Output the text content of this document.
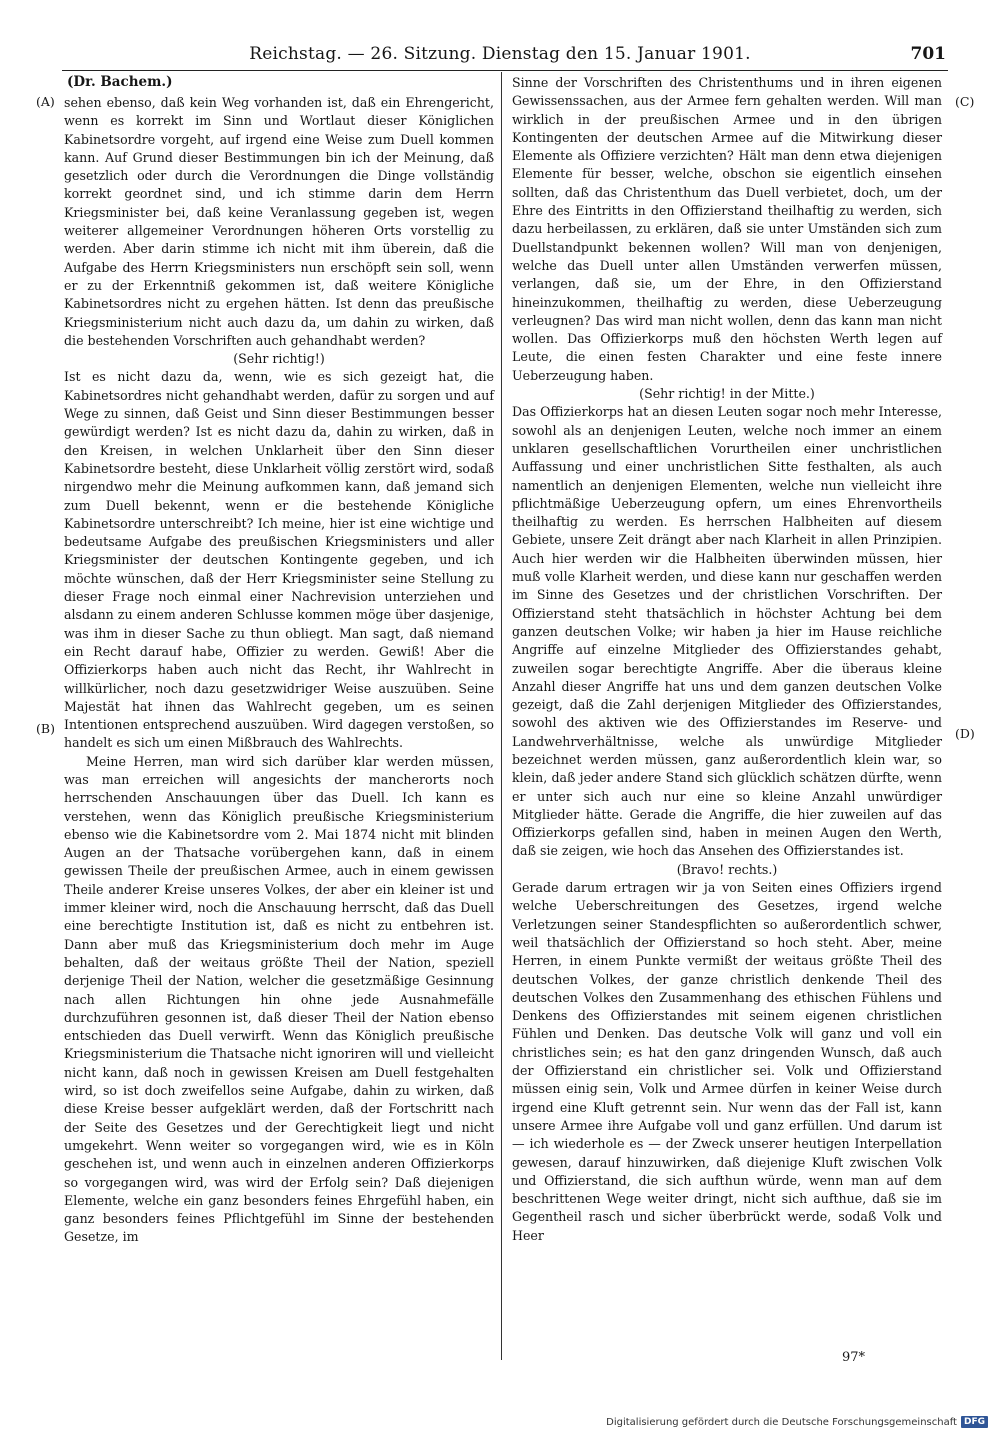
Reichstag. — 26. Sitzung. Dienstag den 15. Januar 1901.	701
(Dr. Bachem.)
(A)
(B)
(C)
(D)

sehen ebenso, daß kein Weg vorhanden ist, daß ein Ehrengericht, wenn es korrekt im Sinn und Wortlaut dieser Königlichen Kabinetsordre vorgeht, auf irgend eine Weise zum Duell kommen kann. Auf Grund dieser Bestimmungen bin ich der Meinung, daß gesetzlich oder durch die Verordnungen die Dinge vollständig korrekt geordnet sind, und ich stimme darin dem Herrn Kriegsminister bei, daß keine Veranlassung gegeben ist, wegen weiterer allgemeiner Verordnungen höheren Orts vorstellig zu werden. Aber darin stimme ich nicht mit ihm überein, daß die Aufgabe des Herrn Kriegsministers nun erschöpft sein soll, wenn er zu der Erkenntniß gekommen ist, daß weitere Königliche Kabinetsordres nicht zu ergehen hätten. Ist denn das preußische Kriegsministerium nicht auch dazu da, um dahin zu wirken, daß die bestehenden Vorschriften auch gehandhabt werden?

(Sehr richtig!)

Ist es nicht dazu da, wenn, wie es sich gezeigt hat, die Kabinetsordres nicht gehandhabt werden, dafür zu sorgen und auf Wege zu sinnen, daß Geist und Sinn dieser Bestimmungen besser gewürdigt werden? Ist es nicht dazu da, dahin zu wirken, daß in den Kreisen, in welchen Unklarheit über den Sinn dieser Kabinetsordre besteht, diese Unklarheit völlig zerstört wird, sodaß nirgendwo mehr die Meinung aufkommen kann, daß jemand sich zum Duell bekennt, wenn er die bestehende Königliche Kabinetsordre unterschreibt? Ich meine, hier ist eine wichtige und bedeutsame Aufgabe des preußischen Kriegsministers und aller Kriegsminister der deutschen Kontingente gegeben, und ich möchte wünschen, daß der Herr Kriegsminister seine Stellung zu dieser Frage noch einmal einer Nachrevision unterziehen und alsdann zu einem anderen Schlusse kommen möge über dasjenige, was ihm in dieser Sache zu thun obliegt. Man sagt, daß niemand ein Recht darauf habe, Offizier zu werden. Gewiß! Aber die Offizierkorps haben auch nicht das Recht, ihr Wahlrecht in willkürlicher, noch dazu gesetzwidriger Weise auszuüben. Seine Majestät hat ihnen das Wahlrecht gegeben, um es seinen Intentionen entsprechend auszuüben. Wird dagegen verstoßen, so handelt es sich um einen Mißbrauch des Wahlrechts.

Meine Herren, man wird sich darüber klar werden müssen, was man erreichen will angesichts der mancherorts noch herrschenden Anschauungen über das Duell. Ich kann es verstehen, wenn das Königlich preußische Kriegsministerium ebenso wie die Kabinetsordre vom 2. Mai 1874 nicht mit blinden Augen an der Thatsache vorübergehen kann, daß in einem gewissen Theile der preußischen Armee, auch in einem gewissen Theile anderer Kreise unseres Volkes, der aber ein kleiner ist und immer kleiner wird, noch die Anschauung herrscht, daß das Duell eine berechtigte Institution ist, daß es nicht zu entbehren ist. Dann aber muß das Kriegsministerium doch mehr im Auge behalten, daß der weitaus größte Theil der Nation, speziell derjenige Theil der Nation, welcher die gesetzmäßige Gesinnung nach allen Richtungen hin ohne jede Ausnahmefälle durchzuführen gesonnen ist, daß dieser Theil der Nation ebenso entschieden das Duell verwirft. Wenn das Königlich preußische Kriegsministerium die Thatsache nicht ignoriren will und vielleicht nicht kann, daß noch in gewissen Kreisen am Duell festgehalten wird, so ist doch zweifellos seine Aufgabe, dahin zu wirken, daß diese Kreise besser aufgeklärt werden, daß der Fortschritt nach der Seite des Gesetzes und der Gerechtigkeit liegt und nicht umgekehrt. Wenn weiter so vorgegangen wird, wie es in Köln geschehen ist, und wenn auch in einzelnen anderen Offizierkorps so vorgegangen wird, was wird der Erfolg sein? Daß diejenigen Elemente, welche ein ganz besonders feines Ehrgefühl haben, ein ganz besonders feines Pflichtgefühl im Sinne der bestehenden Gesetze, im

Sinne der Vorschriften des Christenthums und in ihren eigenen Gewissenssachen, aus der Armee fern gehalten werden. Will man wirklich in der preußischen Armee und in den übrigen Kontingenten der deutschen Armee auf die Mitwirkung dieser Elemente als Offiziere verzichten? Hält man denn etwa diejenigen Elemente für besser, welche, obschon sie eigentlich einsehen sollten, daß das Christenthum das Duell verbietet, doch, um der Ehre des Eintritts in den Offizierstand theilhaftig zu werden, sich dazu herbeilassen, zu erklären, daß sie unter Umständen sich zum Duellstandpunkt bekennen wollen? Will man von denjenigen, welche das Duell unter allen Umständen verwerfen müssen, verlangen, daß sie, um der Ehre, in den Offizierstand hineinzukommen, theilhaftig zu werden, diese Ueberzeugung verleugnen? Das wird man nicht wollen, denn das kann man nicht wollen. Das Offizierkorps muß den höchsten Werth legen auf Leute, die einen festen Charakter und eine feste innere Ueberzeugung haben.

(Sehr richtig! in der Mitte.)

Das Offizierkorps hat an diesen Leuten sogar noch mehr Interesse, sowohl als an denjenigen Leuten, welche noch immer an einem unklaren gesellschaftlichen Vorurtheilen einer unchristlichen Auffassung und einer unchristlichen Sitte festhalten, als auch namentlich an denjenigen Elementen, welche nun vielleicht ihre pflichtmäßige Ueberzeugung opfern, um eines Ehrenvortheils theilhaftig zu werden. Es herrschen Halbheiten auf diesem Gebiete, unsere Zeit drängt aber nach Klarheit in allen Prinzipien. Auch hier werden wir die Halbheiten überwinden müssen, hier muß volle Klarheit werden, und diese kann nur geschaffen werden im Sinne des Gesetzes und der christlichen Vorschriften. Der Offizierstand steht thatsächlich in höchster Achtung bei dem ganzen deutschen Volke; wir haben ja hier im Hause reichliche Angriffe auf einzelne Mitglieder des Offizierstandes gehabt, zuweilen sogar berechtigte Angriffe. Aber die überaus kleine Anzahl dieser Angriffe hat uns und dem ganzen deutschen Volke gezeigt, daß die Zahl derjenigen Mitglieder des Offizierstandes, sowohl des aktiven wie des Offizierstandes im Reserve- und Landwehrverhältnisse, welche als unwürdige Mitglieder bezeichnet werden müssen, ganz außerordentlich klein war, so klein, daß jeder andere Stand sich glücklich schätzen dürfte, wenn er unter sich auch nur eine so kleine Anzahl unwürdiger Mitglieder hätte. Gerade die Angriffe, die hier zuweilen auf das Offizierkorps gefallen sind, haben in meinen Augen den Werth, daß sie zeigen, wie hoch das Ansehen des Offizierstandes ist.

(Bravo! rechts.)

Gerade darum ertragen wir ja von Seiten eines Offiziers irgend welche Ueberschreitungen des Gesetzes, irgend welche Verletzungen seiner Standespflichten so außerordentlich schwer, weil thatsächlich der Offizierstand so hoch steht. Aber, meine Herren, in einem Punkte vermißt der weitaus größte Theil des deutschen Volkes, der ganze christlich denkende Theil des deutschen Volkes den Zusammenhang des ethischen Fühlens und Denkens des Offizierstandes mit seinem eigenen christlichen Fühlen und Denken. Das deutsche Volk will ganz und voll ein christliches sein; es hat den ganz dringenden Wunsch, daß auch der Offizierstand ein christlicher sei. Volk und Offizierstand müssen einig sein, Volk und Armee dürfen in keiner Weise durch irgend eine Kluft getrennt sein. Nur wenn das der Fall ist, kann unsere Armee ihre Aufgabe voll und ganz erfüllen. Und darum ist — ich wiederhole es — der Zweck unserer heutigen Interpellation gewesen, darauf hinzuwirken, daß diejenige Kluft zwischen Volk und Offizierstand, die sich aufthun würde, wenn man auf dem beschrittenen Wege weiter dringt, nicht sich aufthue, daß sie im Gegentheil rasch und sicher überbrückt werde, sodaß Volk und Heer

97*
Digitalisierung gefördert durch die Deutsche Forschungsgemeinschaft DFG
